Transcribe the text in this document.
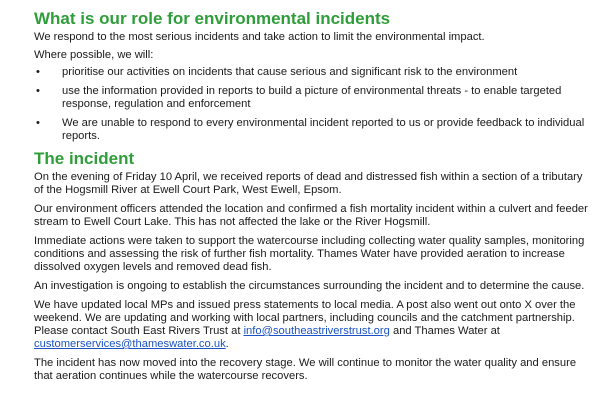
What is our role for environmental incidents

We respond to the most serious incidents and take action to limit the environmental impact.

Where possible, we will:

• prioritise our activities on incidents that cause serious and significant risk to the environment
• use the information provided in reports to build a picture of environmental threats - to enable targeted response, regulation and enforcement
• We are unable to respond to every environmental incident reported to us or provide feedback to individual reports.
The incident

On the evening of Friday 10 April, we received reports of dead and distressed fish within a section of a tributary of the Hogsmill River at Ewell Court Park, West Ewell, Epsom.

Our environment officers attended the location and confirmed a fish mortality incident within a culvert and feeder stream to Ewell Court Lake. This has not affected the lake or the River Hogsmill.

Immediate actions were taken to support the watercourse including collecting water quality samples, monitoring conditions and assessing the risk of further fish mortality. Thames Water have provided aeration to increase dissolved oxygen levels and removed dead fish.

An investigation is ongoing to establish the circumstances surrounding the incident and to determine the cause.

We have updated local MPs and issued press statements to local media. A post also went out onto X over the weekend. We are updating and working with local partners, including councils and the catchment partnership. Please contact South East Rivers Trust at info@southeastriverstrust.org and Thames Water at customerservices@thameswater.co.uk.

The incident has now moved into the recovery stage. We will continue to monitor the water quality and ensure that aeration continues while the watercourse recovers.
